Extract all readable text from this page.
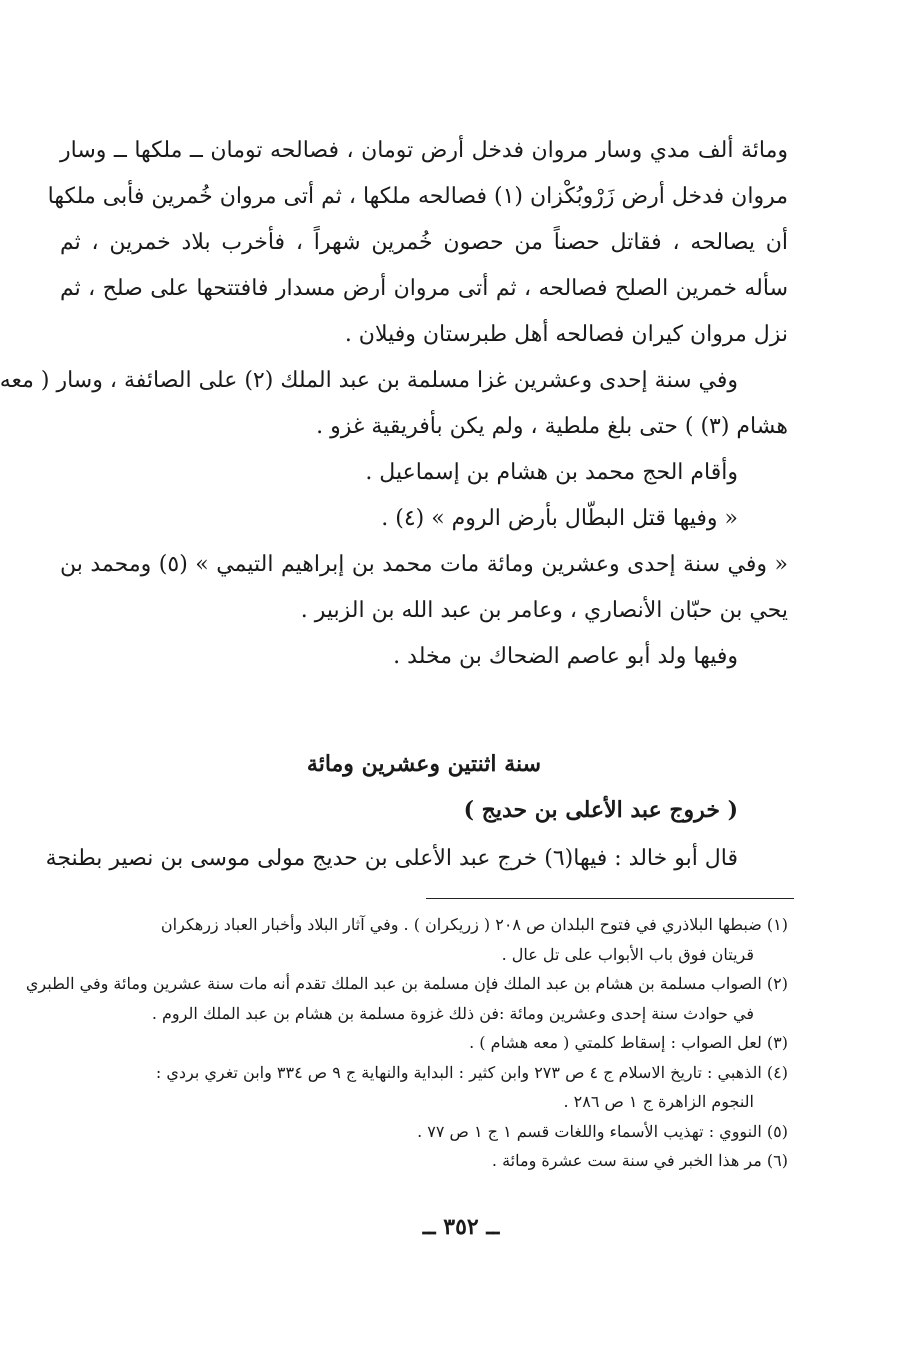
ومائة ألف مدي وسار مروان فدخل أرض تومان ، فصالحه تومان ــ ملكها ــ وسار
مروان فدخل أرض زَرْوبُكْزان (١) فصالحه ملكها ، ثم أتى مروان خُمرين فأبى ملكها
أن يصالحه ، فقاتل حصناً من حصون خُمرين شهراً ، فأخرب بلاد خمرين ، ثم
سأله خمرين الصلح فصالحه ، ثم أتى مروان أرض مسدار فافتتحها على صلح ، ثم
نزل مروان كيران فصالحه أهل طبرستان وفيلان .
وفي سنة إحدى وعشرين غزا مسلمة بن عبد الملك (٢) على الصائفة ، وسار ( معه
هشام (٣) ) حتى بلغ ملطية ، ولم يكن بأفريقية غزو .
وأقام الحج محمد بن هشام بن إسماعيل .
« وفيها قتل البطّال بأرض الروم » (٤) .
« وفي سنة إحدى وعشرين ومائة مات محمد بن إبراهيم التيمي » (٥) ومحمد بن
يحي بن حبّان الأنصاري ، وعامر بن عبد الله بن الزبير .
وفيها ولد أبو عاصم الضحاك بن مخلد .
سنة اثنتين وعشرين ومائة
( خروج عبد الأعلى بن حديج )
قال أبو خالد : فيها(٦) خرج عبد الأعلى بن حديج مولى موسى بن نصير بطنجة
(١) ضبطها البلاذري في فتوح البلدان ص ٢٠٨ ( زريكران ) . وفي آثار البلاد وأخبار العباد زرهكران
قريتان فوق باب الأبواب على تل عال .
(٢) الصواب مسلمة بن هشام بن عبد الملك فإن مسلمة بن عبد الملك تقدم أنه مات سنة عشرين ومائة وفي الطبري
في حوادث سنة إحدى وعشرين ومائة :فن ذلك غزوة مسلمة بن هشام بن عبد الملك الروم .
(٣) لعل الصواب : إسقاط كلمتي ( معه هشام ) .
(٤) الذهبي : تاريخ الاسلام ج ٤ ص ٢٧٣ وابن كثير : البداية والنهاية ج ٩ ص ٣٣٤ وابن تغري بردي :
النجوم الزاهرة ج ١ ص ٢٨٦ .
(٥) النووي : تهذيب الأسماء واللغات قسم ١ ج ١ ص ٧٧ .
(٦) مر هذا الخبر في سنة ست عشرة ومائة .
ــ ٣٥٢ ــ
